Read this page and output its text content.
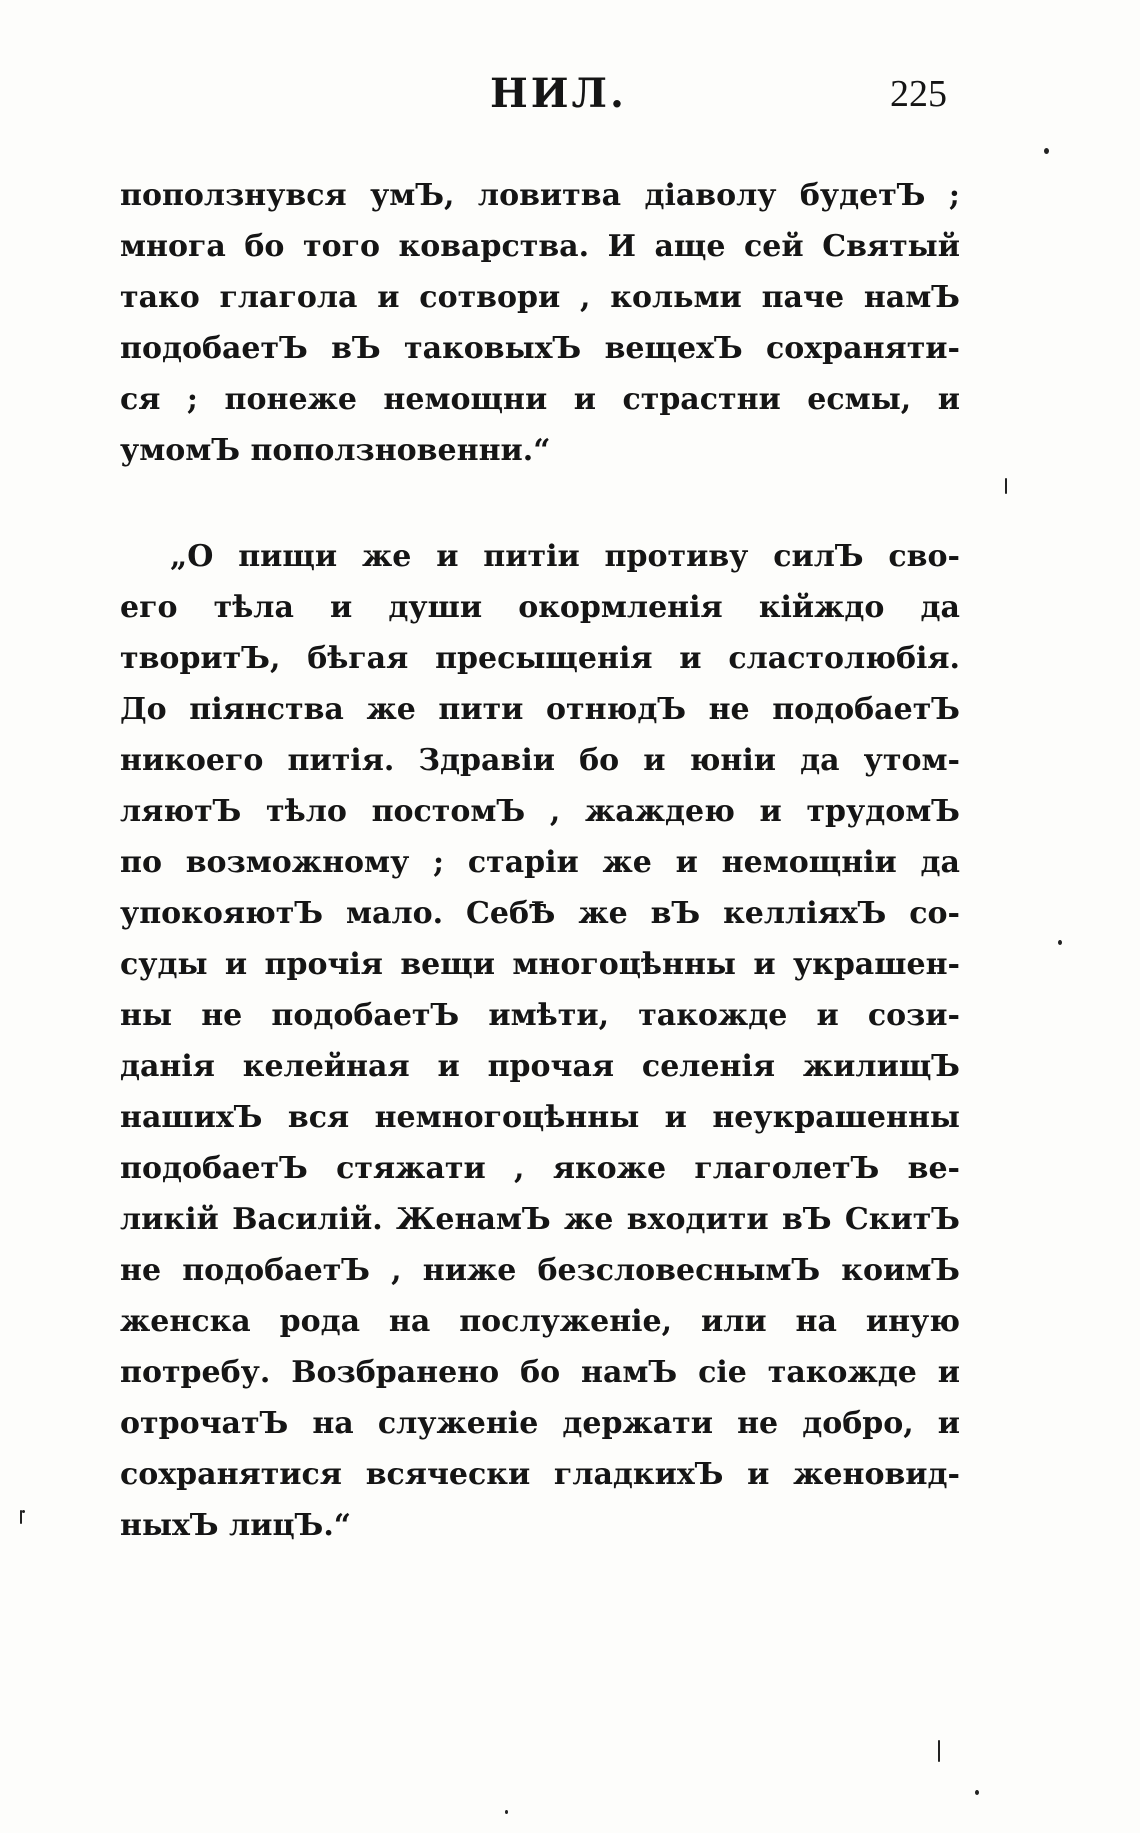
НИЛ.	225
поползнувся умЪ, ловитва діаволу будетЪ ;
многа бо того коварства. И аще сей Святый
тако глагола и сотвори , кольми паче намЪ
подобаетЪ вЪ таковыхЪ вещехЪ сохраняти-
ся ; понеже немощни и страстни есмы, и
умомЪ поползновенни.“
„О пищи же и питіи противу силЪ сво-
его тѣла и души окормленія кійждо да
творитЪ, бѣгая пресыщенія и сластолюбія.
До піянства же пити отнюдЪ не подобаетЪ
никоего питія. Здравіи бо и юніи да утом-
ляютЪ тѣло постомЪ , жаждею и трудомЪ
по возможному ; старіи же и немощніи да
упокояютЪ мало. СебѢ же вЪ келліяхЪ со-
суды и прочія вещи многоцѣнны и украшен-
ны не подобаетЪ имѣти, такожде и сози-
данія келейная и прочая селенія жилищЪ
нашихЪ вся немногоцѣнны и неукрашенны
подобаетЪ стяжати , якоже глаголетЪ ве-
ликій Василій. ЖенамЪ же входити вЪ СкитЪ
не подобаетЪ , ниже безсловеснымЪ коимЪ
женска рода на послуженіе, или на иную
потребу. Возбранено бо намЪ сіе такожде и
отрочатЪ на служеніе держати не добро, и
сохранятися всячески гладкихЪ и женовид-
ныхЪ лицЪ.“
